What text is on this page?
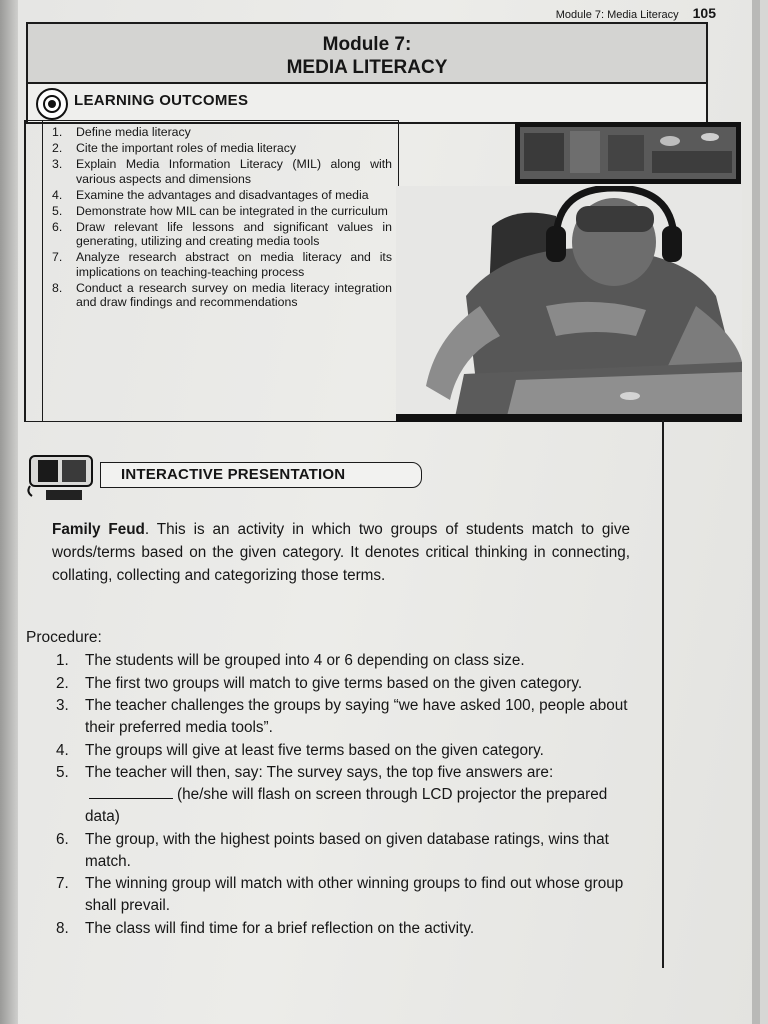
Module 7: Media Literacy 105
Module 7:
MEDIA LITERACY
LEARNING OUTCOMES
1. Define media literacy
2. Cite the important roles of media literacy
3. Explain Media Information Literacy (MIL) along with various aspects and dimensions
4. Examine the advantages and disadvantages of media
5. Demonstrate how MIL can be integrated in the curriculum
6. Draw relevant life lessons and significant values in generating, utilizing and creating media tools
7. Analyze research abstract on media literacy and its implications on teaching-teaching process
8. Conduct a research survey on media literacy integration and draw findings and recommendations
INTERACTIVE PRESENTATION

Family Feud. This is an activity in which two groups of students match to give words/terms based on the given category. It denotes critical thinking in connecting, collating, collecting and categorizing those terms.

Procedure:
1. The students will be grouped into 4 or 6 depending on class size.
2. The first two groups will match to give terms based on the given category.
3. The teacher challenges the groups by saying “we have asked 100, people about their preferred media tools”.
4. The groups will give at least five terms based on the given category.
5. The teacher will then, say: The survey says, the top five answers are:(he/she will flash on screen through LCD projector the prepared data)
6. The group, with the highest points based on given database ratings, wins that match.
7. The winning group will match with other winning groups to find out whose group shall prevail.
8. The class will find time for a brief reflection on the activity.
